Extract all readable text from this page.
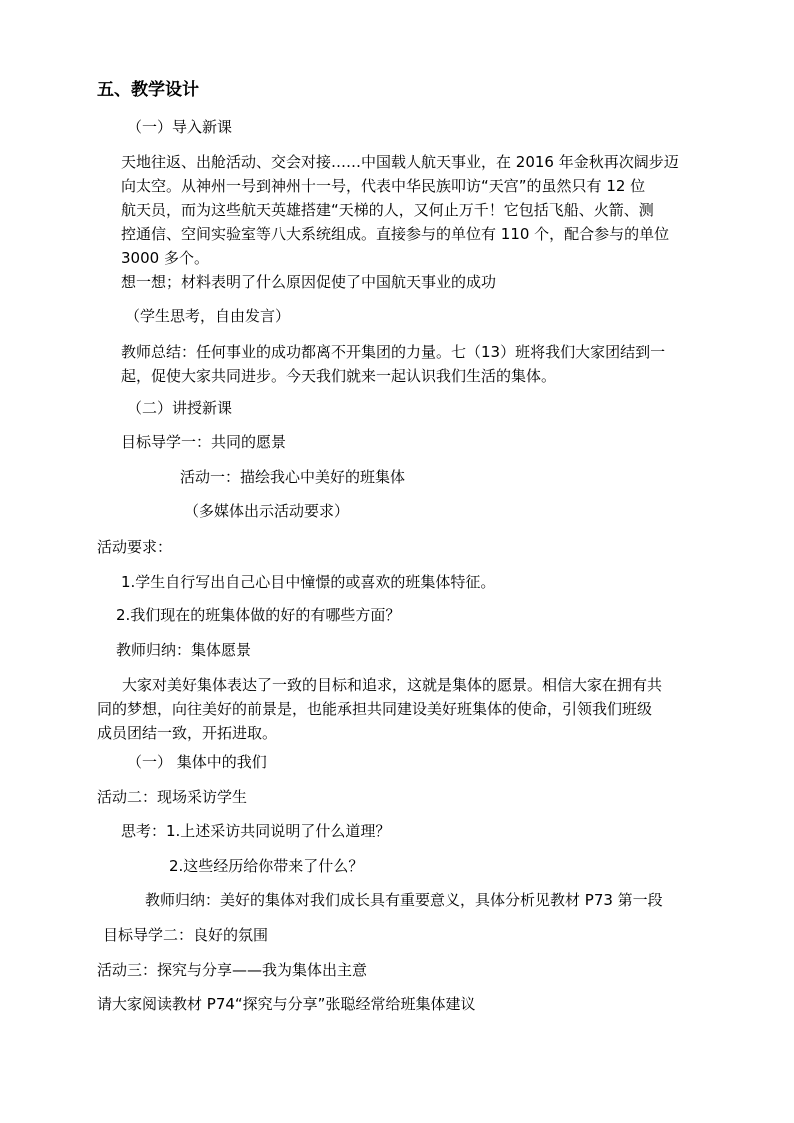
五、教学设计
（一）导入新课
天地往返、出舱活动、交会对接……中国载人航天事业，在 2016 年金秋再次阔步迈
向太空。从神州一号到神州十一号，代表中华民族叩访“天宫”的虽然只有 12 位
航天员，而为这些航天英雄搭建“天梯的人，又何止万千！它包括飞船、火箭、测
控通信、空间实验室等八大系统组成。直接参与的单位有 110 个，配合参与的单位
3000 多个。
想一想；材料表明了什么原因促使了中国航天事业的成功
（学生思考，自由发言）
教师总结：任何事业的成功都离不开集团的力量。七（13）班将我们大家团结到一
起，促使大家共同进步。今天我们就来一起认识我们生活的集体。
（二）讲授新课
目标导学一：共同的愿景
活动一：描绘我心中美好的班集体
（多媒体出示活动要求）
活动要求：
1.学生自行写出自己心目中憧憬的或喜欢的班集体特征。
2.我们现在的班集体做的好的有哪些方面？
教师归纳：集体愿景
大家对美好集体表达了一致的目标和追求，这就是集体的愿景。相信大家在拥有共
同的梦想，向往美好的前景是，也能承担共同建设美好班集体的使命，引领我们班级
成员团结一致，开拓进取。
（一） 集体中的我们
活动二：现场采访学生
思考：1.上述采访共同说明了什么道理？
2.这些经历给你带来了什么？
教师归纳：美好的集体对我们成长具有重要意义，具体分析见教材 P73 第一段
目标导学二：良好的氛围
活动三：探究与分享——我为集体出主意
请大家阅读教材 P74“探究与分享”张聪经常给班集体建议
